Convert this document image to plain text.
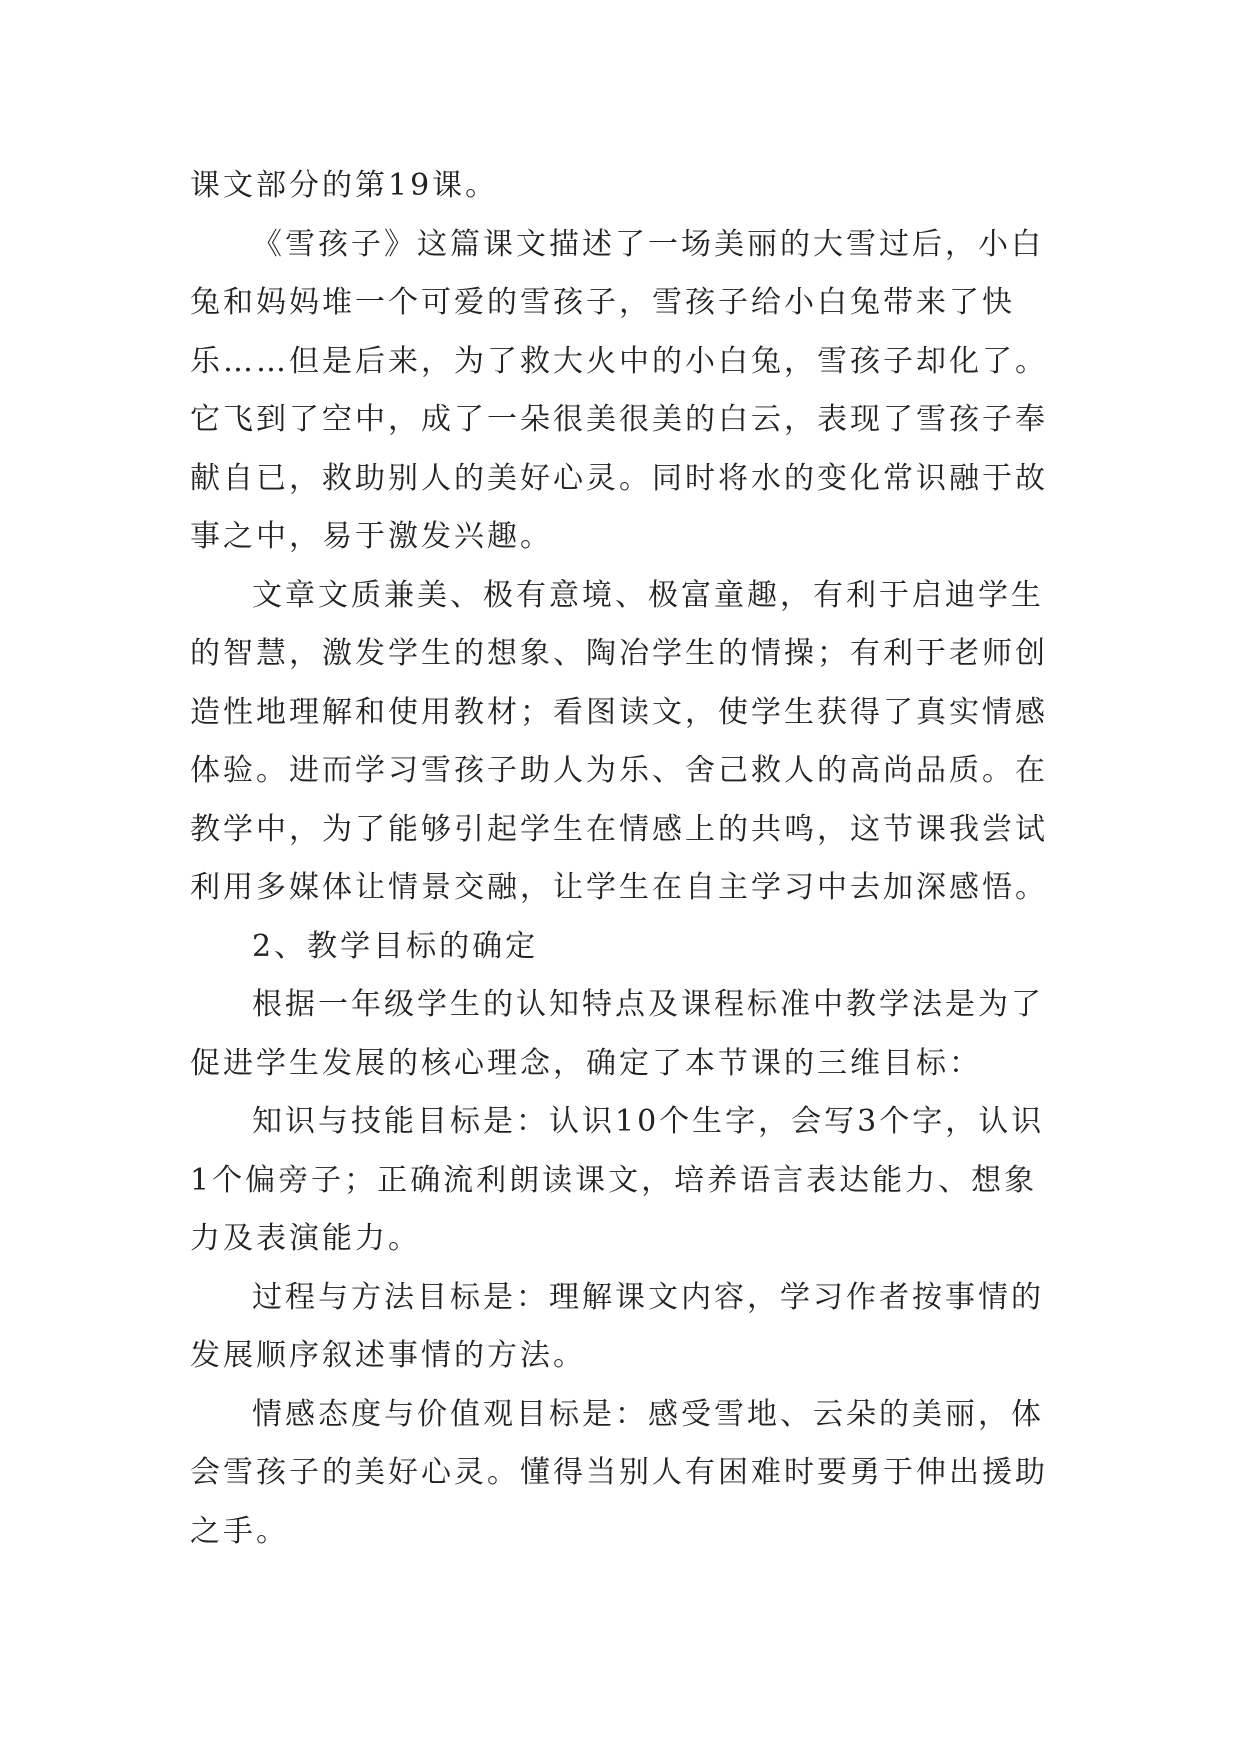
课文部分的第19课。

《雪孩子》这篇课文描述了一场美丽的大雪过后，小白兔和妈妈堆一个可爱的雪孩子，雪孩子给小白兔带来了快乐……但是后来，为了救大火中的小白兔，雪孩子却化了。它飞到了空中，成了一朵很美很美的白云，表现了雪孩子奉献自已，救助别人的美好心灵。同时将水的变化常识融于故事之中，易于激发兴趣。

文章文质兼美、极有意境、极富童趣，有利于启迪学生的智慧，激发学生的想象、陶冶学生的情操；有利于老师创造性地理解和使用教材；看图读文，使学生获得了真实情感体验。进而学习雪孩子助人为乐、舍己救人的高尚品质。在教学中，为了能够引起学生在情感上的共鸣，这节课我尝试利用多媒体让情景交融，让学生在自主学习中去加深感悟。

2、教学目标的确定

根据一年级学生的认知特点及课程标准中教学法是为了促进学生发展的核心理念，确定了本节课的三维目标：

知识与技能目标是：认识10个生字，会写3个字，认识1个偏旁子；正确流利朗读课文，培养语言表达能力、想象力及表演能力。

过程与方法目标是：理解课文内容，学习作者按事情的发展顺序叙述事情的方法。

情感态度与价值观目标是：感受雪地、云朵的美丽，体会雪孩子的美好心灵。懂得当别人有困难时要勇于伸出援助之手。
